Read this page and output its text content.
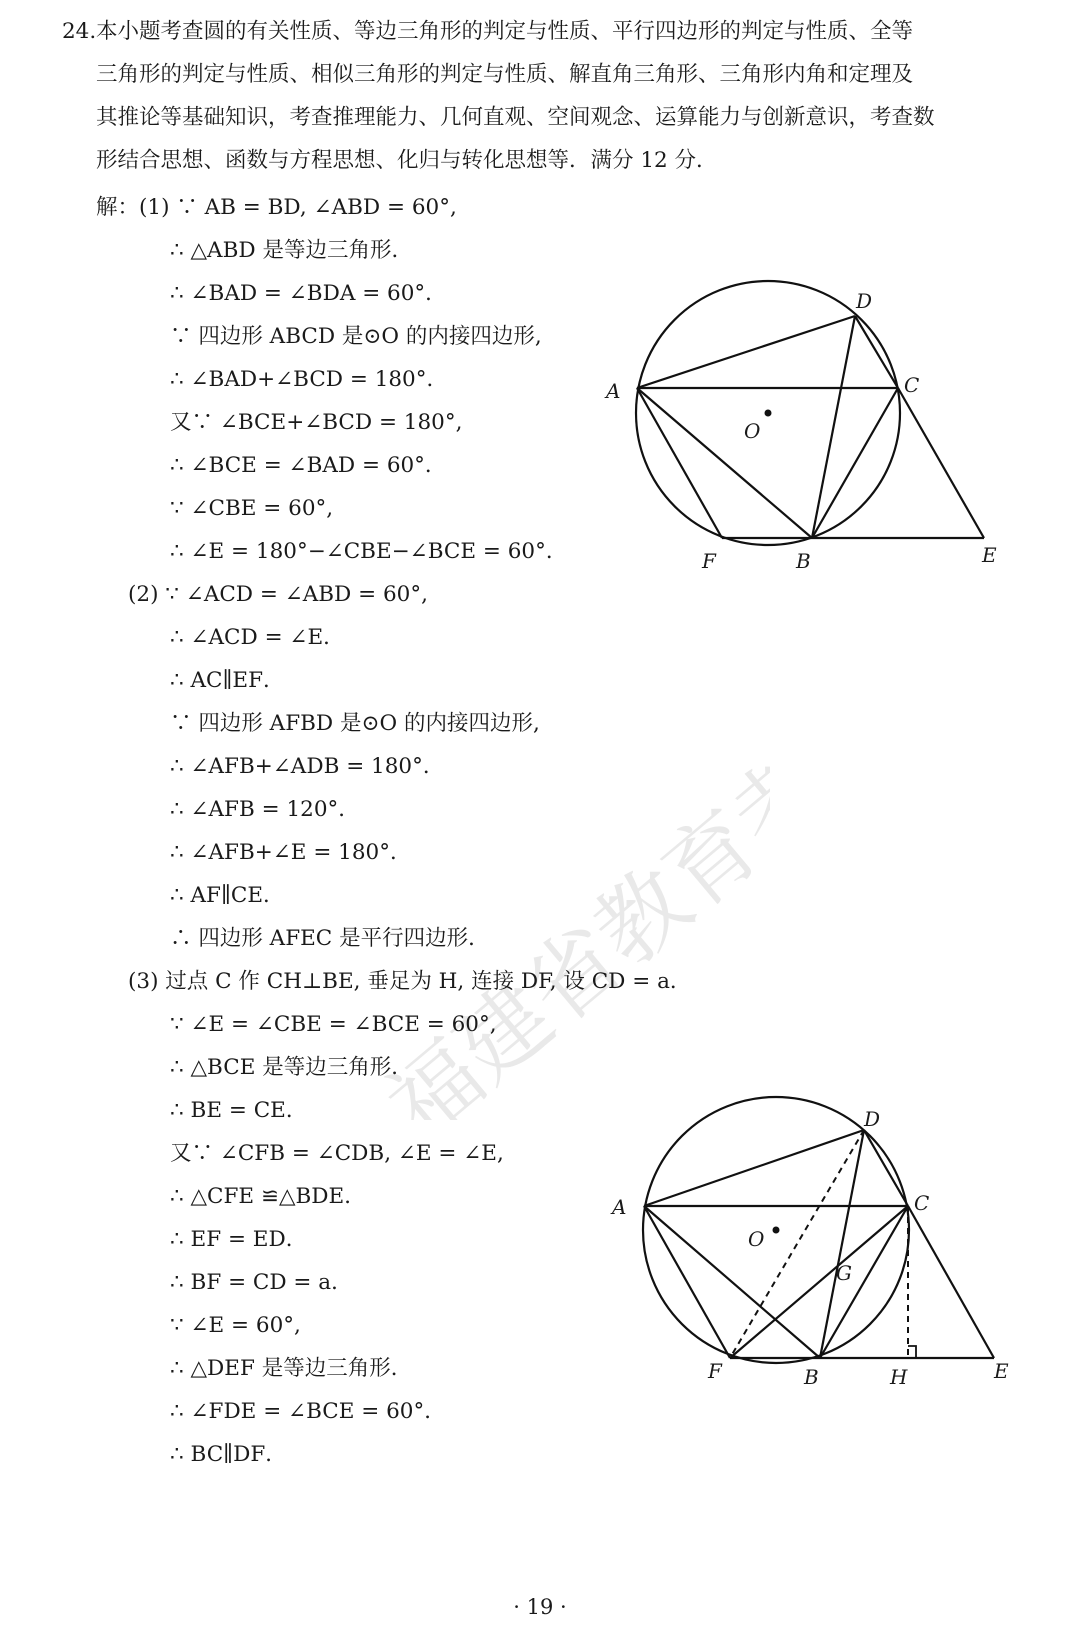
福建省教育考试
24. 本小题考查圆的有关性质、等边三角形的判定与性质、平行四边形的判定与性质、全等
三角形的判定与性质、相似三角形的判定与性质、解直角三角形、三角形内角和定理及
其推论等基础知识，考查推理能力、几何直观、空间观念、运算能力与创新意识，考查数
形结合思想、函数与方程思想、化归与转化思想等．满分 12 分．
解：(1) ∵ AB = BD, ∠ABD = 60°,
∴ △ABD 是等边三角形．
∴ ∠BAD = ∠BDA = 60°．
∵ 四边形 ABCD 是⊙O 的内接四边形,
∴ ∠BAD+∠BCD = 180°．
又∵ ∠BCE+∠BCD = 180°,
∴ ∠BCE = ∠BAD = 60°．
∵ ∠CBE = 60°,
∴ ∠E = 180°−∠CBE−∠BCE = 60°．
(2) ∵ ∠ACD = ∠ABD = 60°,
∴ ∠ACD = ∠E．
∴ AC∥EF．
∵ 四边形 AFBD 是⊙O 的内接四边形,
∴ ∠AFB+∠ADB = 180°．
∴ ∠AFB = 120°．
∴ ∠AFB+∠E = 180°．
∴ AF∥CE．
∴ 四边形 AFEC 是平行四边形．
(3) 过点 C 作 CH⊥BE, 垂足为 H, 连接 DF, 设 CD = a．
∵ ∠E = ∠CBE = ∠BCE = 60°,
∴ △BCE 是等边三角形．
∴ BE = CE．
又∵ ∠CFB = ∠CDB, ∠E = ∠E,
∴ △CFE ≌△BDE．
∴ EF = ED．
∴ BF = CD = a．
∵ ∠E = 60°,
∴ △DEF 是等边三角形．
∴ ∠FDE = ∠BCE = 60°．
∴ BC∥DF．
A
D
C
O
F	B	E
A
D
C
O
G
F	B	H	E
· 19 ·
